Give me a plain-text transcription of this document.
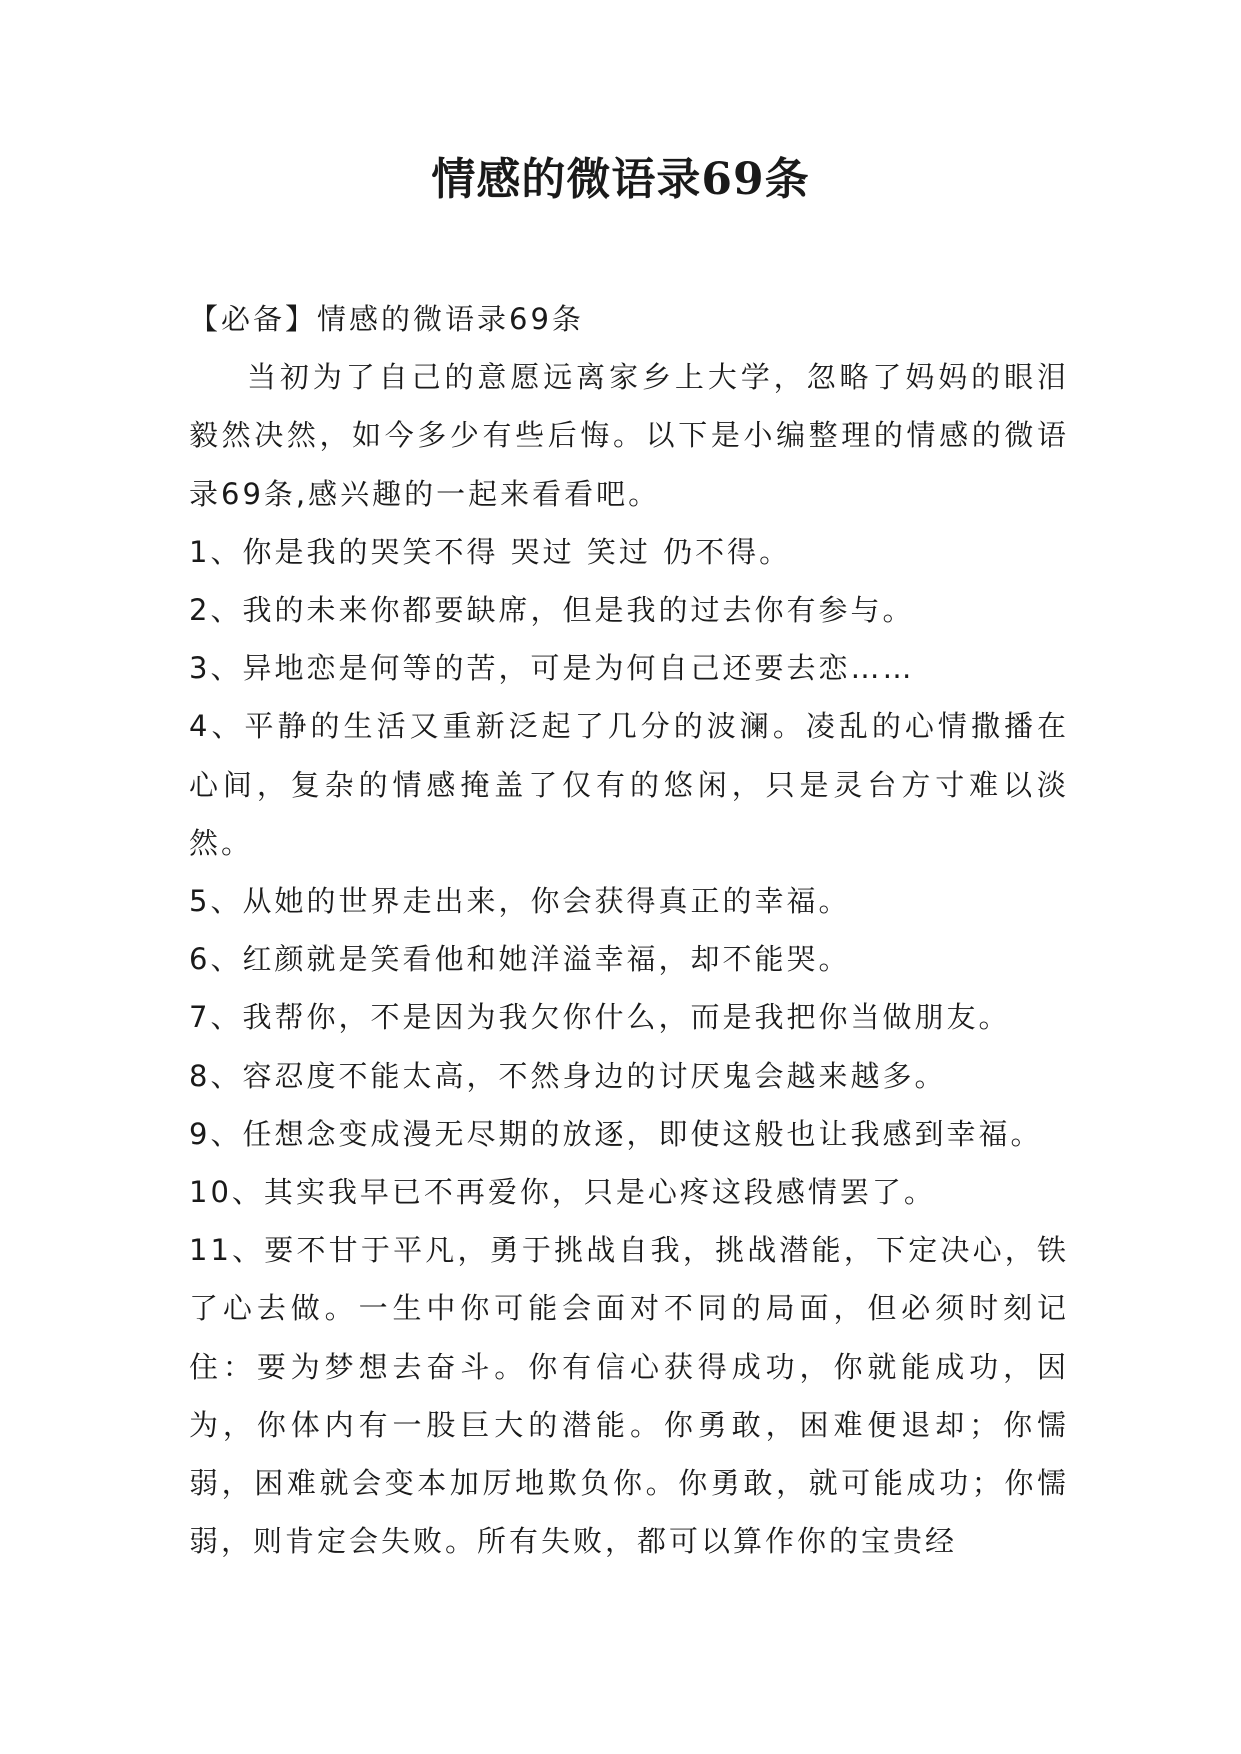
情感的微语录69条

【必备】情感的微语录69条

当初为了自己的意愿远离家乡上大学，忽略了妈妈的眼泪毅然决然，如今多少有些后悔。以下是小编整理的情感的微语录69条,感兴趣的一起来看看吧。

1、你是我的哭笑不得 哭过 笑过 仍不得。

2、我的未来你都要缺席，但是我的过去你有参与。

3、异地恋是何等的苦，可是为何自己还要去恋……

4、平静的生活又重新泛起了几分的波澜。凌乱的心情撒播在心间，复杂的情感掩盖了仅有的悠闲，只是灵台方寸难以淡然。

5、从她的世界走出来，你会获得真正的幸福。

6、红颜就是笑看他和她洋溢幸福，却不能哭。

7、我帮你，不是因为我欠你什么，而是我把你当做朋友。

8、容忍度不能太高，不然身边的讨厌鬼会越来越多。

9、任想念变成漫无尽期的放逐，即使这般也让我感到幸福。

10、其实我早已不再爱你，只是心疼这段感情罢了。

11、要不甘于平凡，勇于挑战自我，挑战潜能，下定决心，铁了心去做。一生中你可能会面对不同的局面，但必须时刻记住：要为梦想去奋斗。你有信心获得成功，你就能成功，因为，你体内有一股巨大的潜能。你勇敢，困难便退却；你懦弱，困难就会变本加厉地欺负你。你勇敢，就可能成功；你懦弱，则肯定会失败。所有失败，都可以算作你的宝贵经
